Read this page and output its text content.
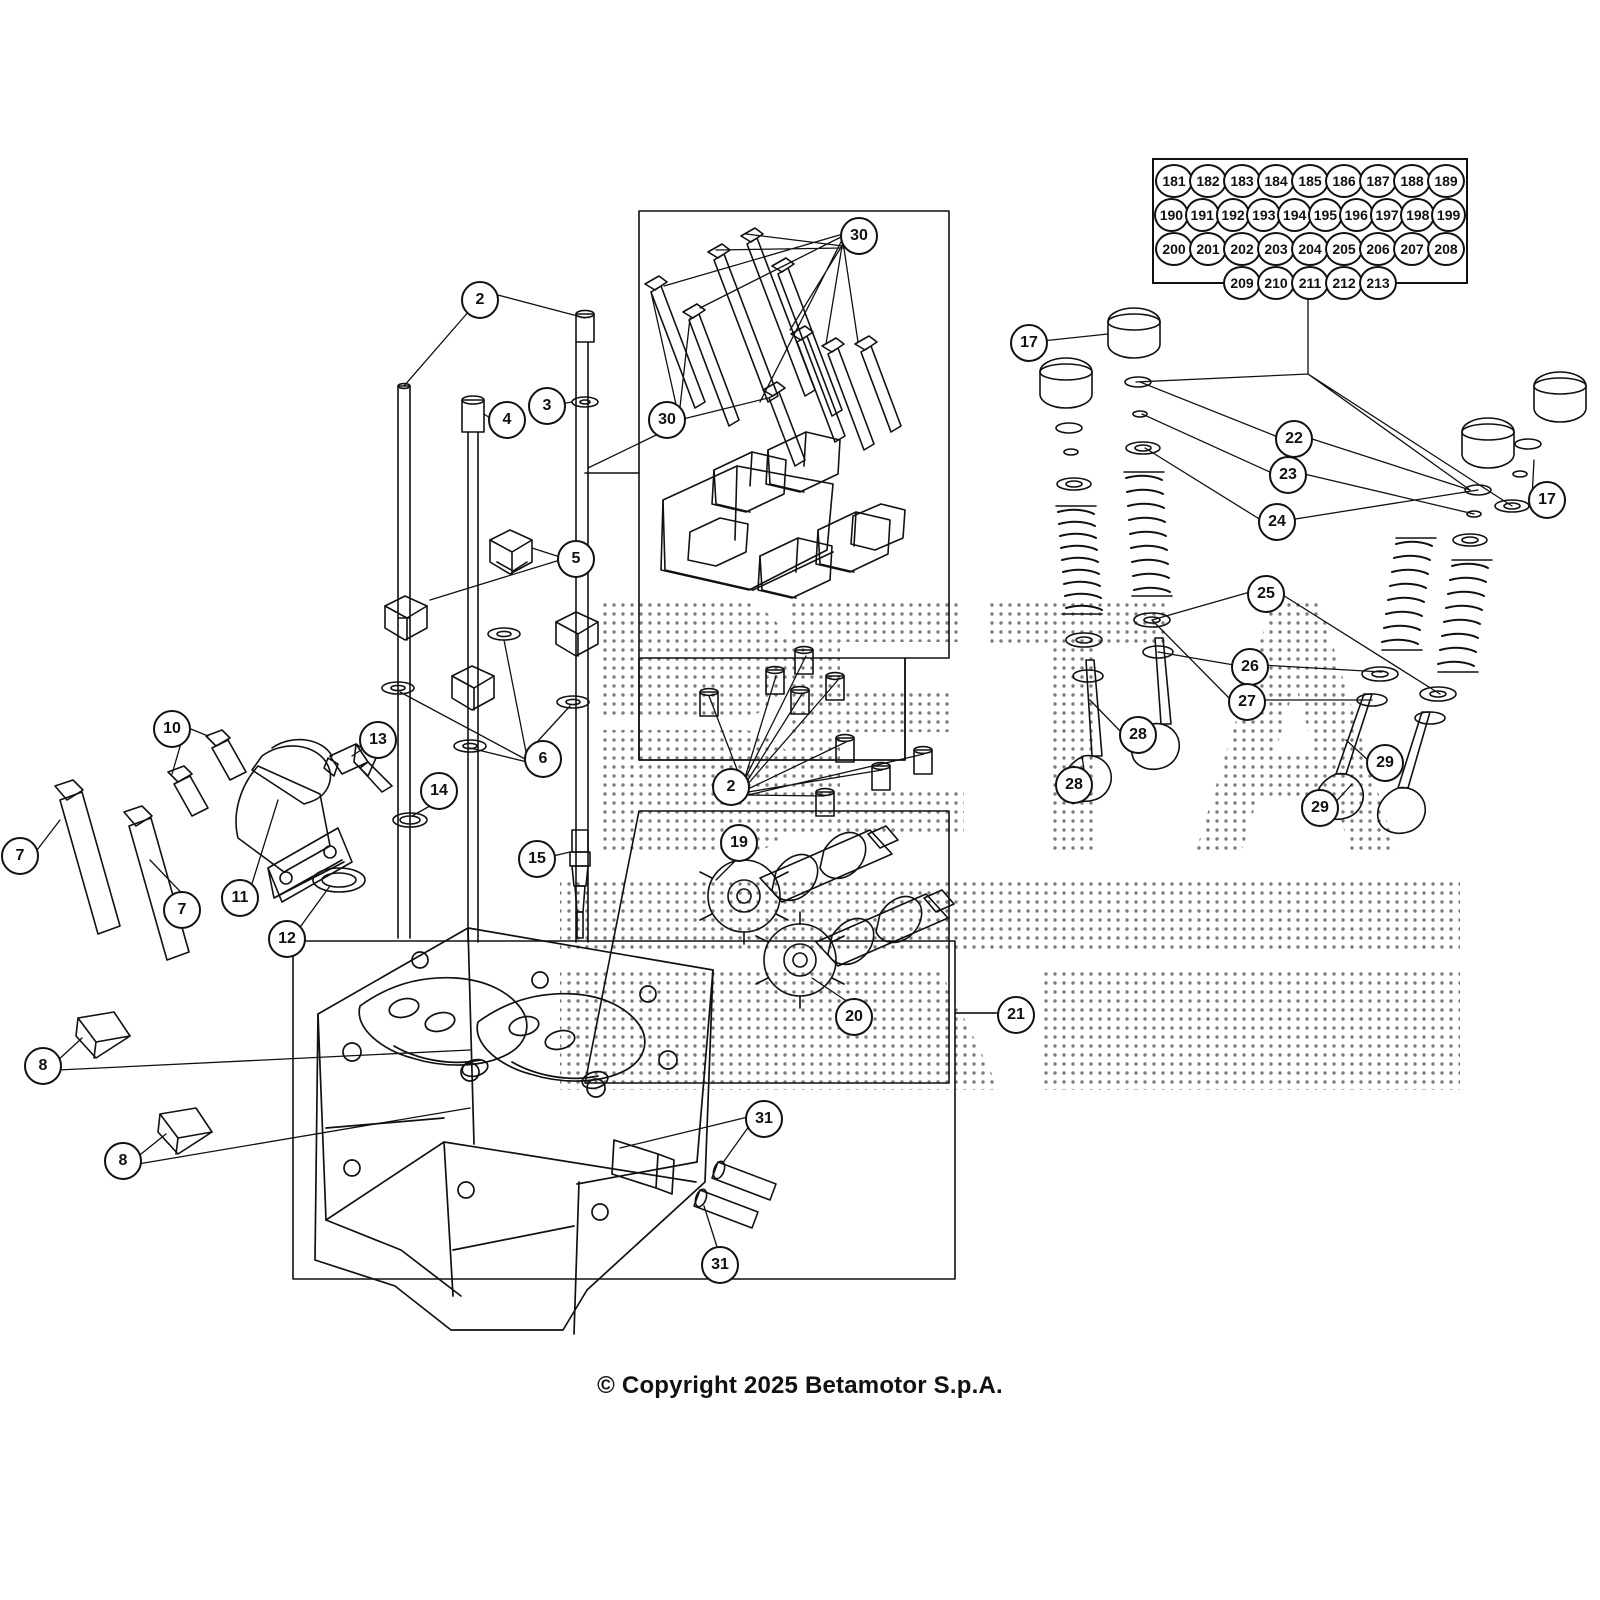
2
3
4
5
6
7
7
8
8
10
11
12
13
14
15
17
17
19
20	21
22
23
24
25
26
27
28
28
29
29
30
30
2
31
31
181 182 183 184 185 186 187 188 189
190 191 192 193 194 195 196 197 198 199
200 201 202 203 204 205 206 207 208
209 210 211 212 213
© Copyright 2025 Betamotor S.p.A.
